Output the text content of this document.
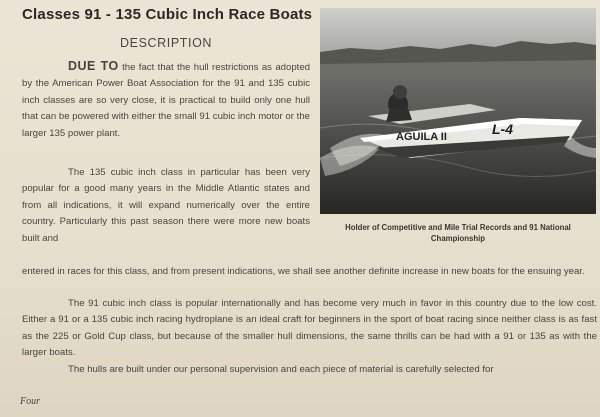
Classes 91 - 135 Cubic Inch Race Boats
DESCRIPTION

DUE TO the fact that the hull restrictions as adopted by the American Power Boat Association for the 91 and 135 cubic inch classes are so very close, it is practical to build only one hull that can be powered with either the small 91 cubic inch motor or the larger 135 power plant.

The 135 cubic inch class in particular has been very popular for a good many years in the Middle Atlantic states and from all indications, it will expand numerically over the entire country. Particularly this past season there were more new boats built and

entered in races for this class, and from present indications, we shall see another definite increase in new boats for the ensuing year.

The 91 cubic inch class is popular internationally and has become very much in favor in this country due to the low cost. Either a 91 or a 135 cubic inch racing hydroplane is an ideal craft for beginners in the sport of boat racing since neither class is as fast as the 225 or Gold Cup class, but because of the smaller hull dimensions, the same thrills can be had with a 91 or 135 as with the larger boats.

The hulls are built under our personal supervision and each piece of material is carefully selected for

AGUILA II	L-4
Holder of Competitive and Mile Trial Records and 91 National Championship
Four
